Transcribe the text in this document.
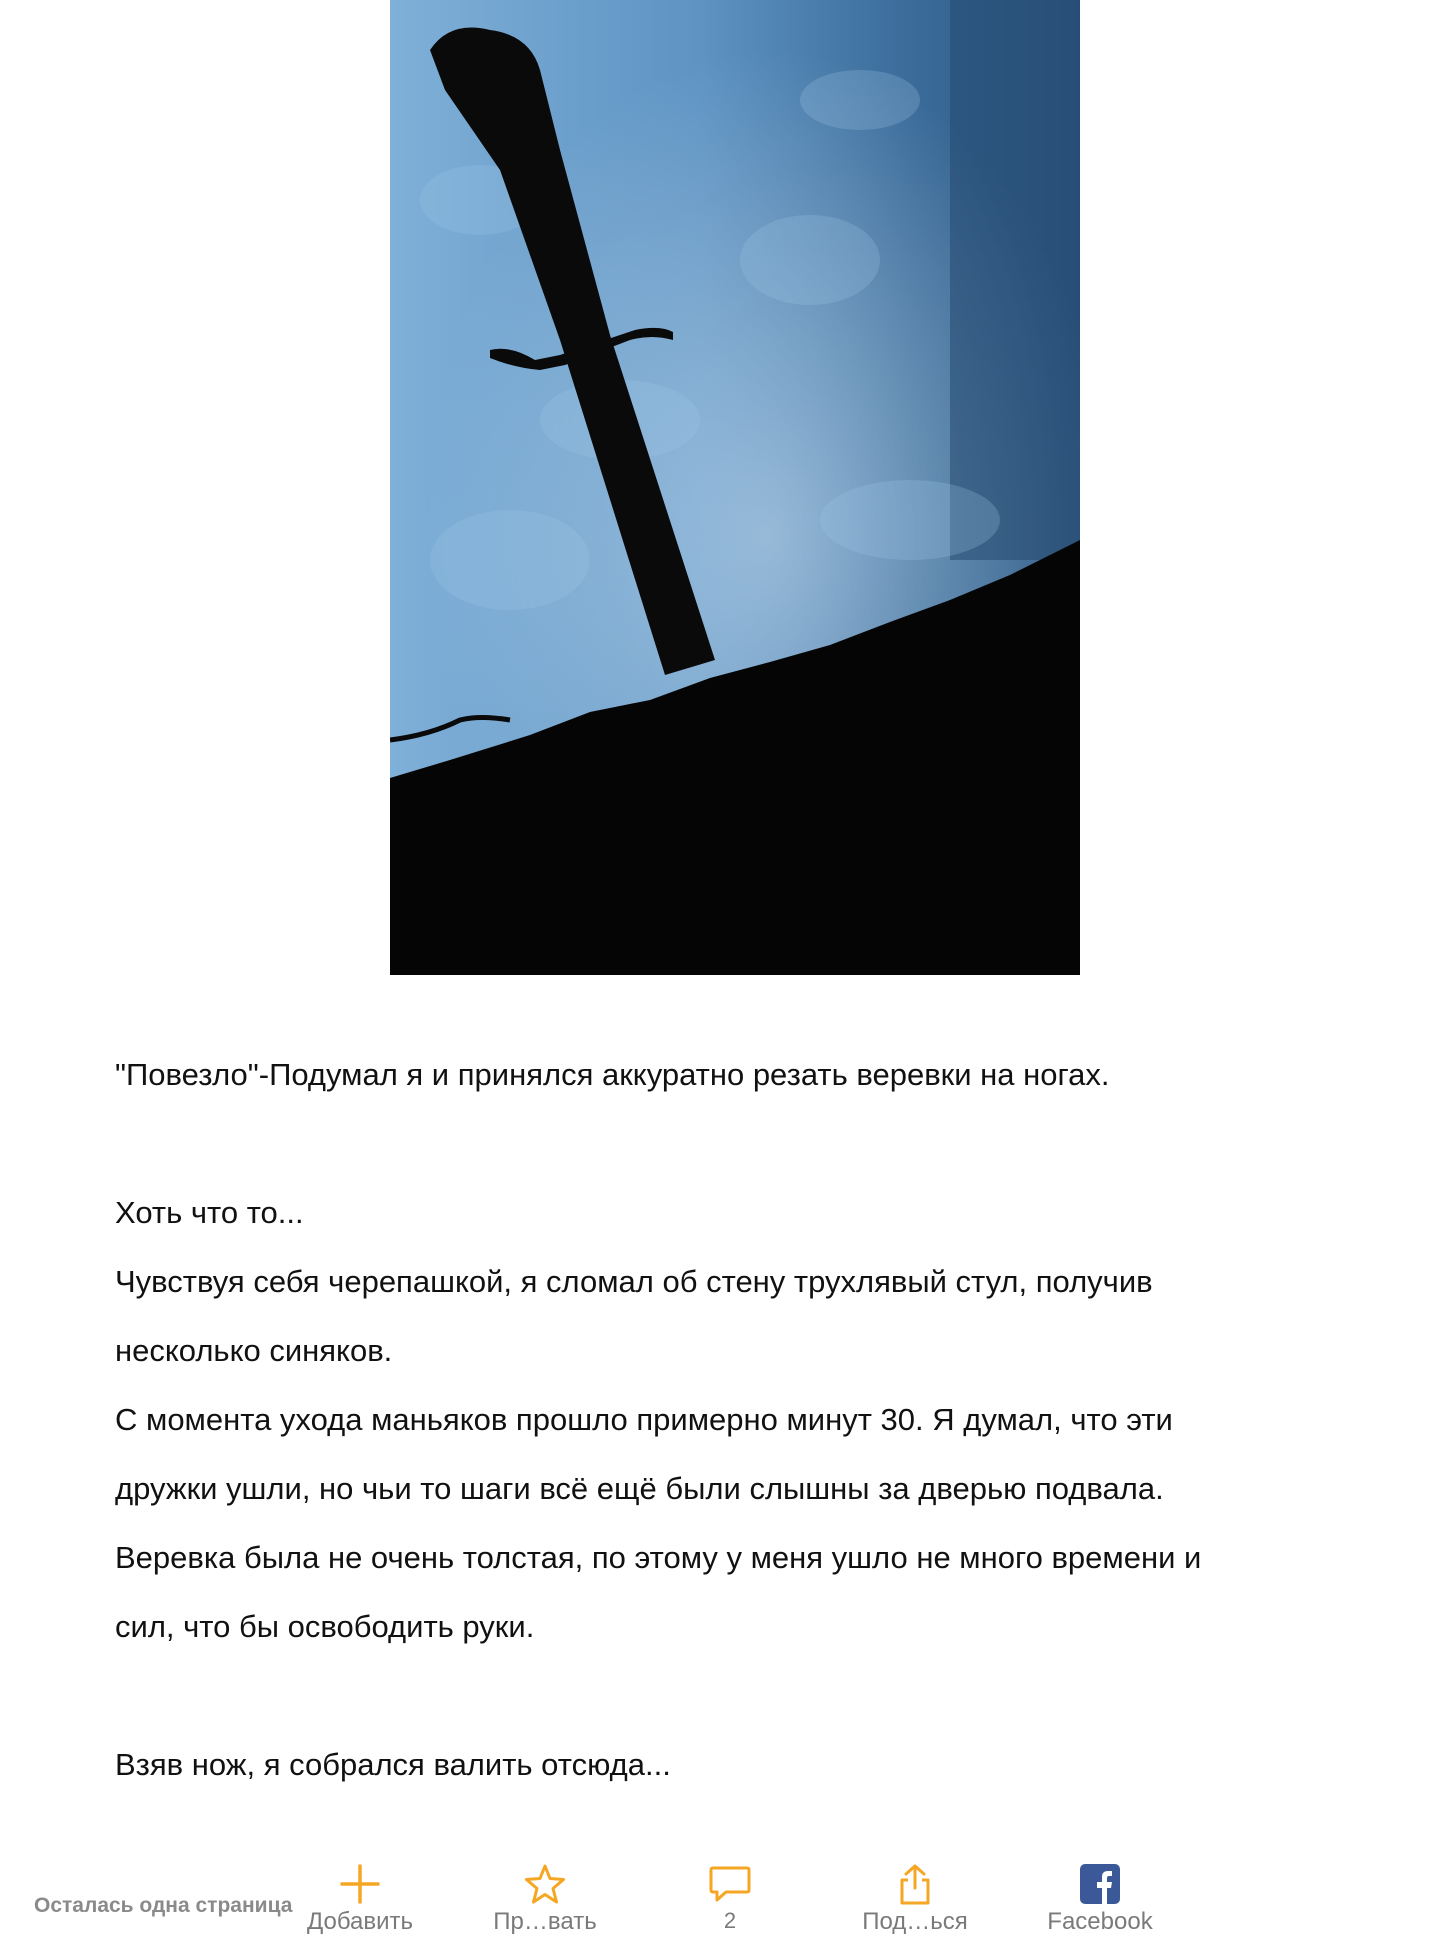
"Повезло"-Подумал я и принялся аккуратно резать веревки на ногах.

Хоть что то...

Чувствуя себя черепашкой, я сломал об стену трухлявый стул, получив

несколько синяков.

С момента ухода маньяков прошло примерно минут 30. Я думал, что эти

дружки ушли, но чьи то шаги всё ещё были слышны за дверью подвала.

Веревка была не очень толстая, по этому у меня ушло не много времени и

сил, что бы освободить руки.

Взяв нож, я собрался валить отсюда...

Осталась одна страница
Добавить	Пр…вать	2	Под…ься	Facebook
